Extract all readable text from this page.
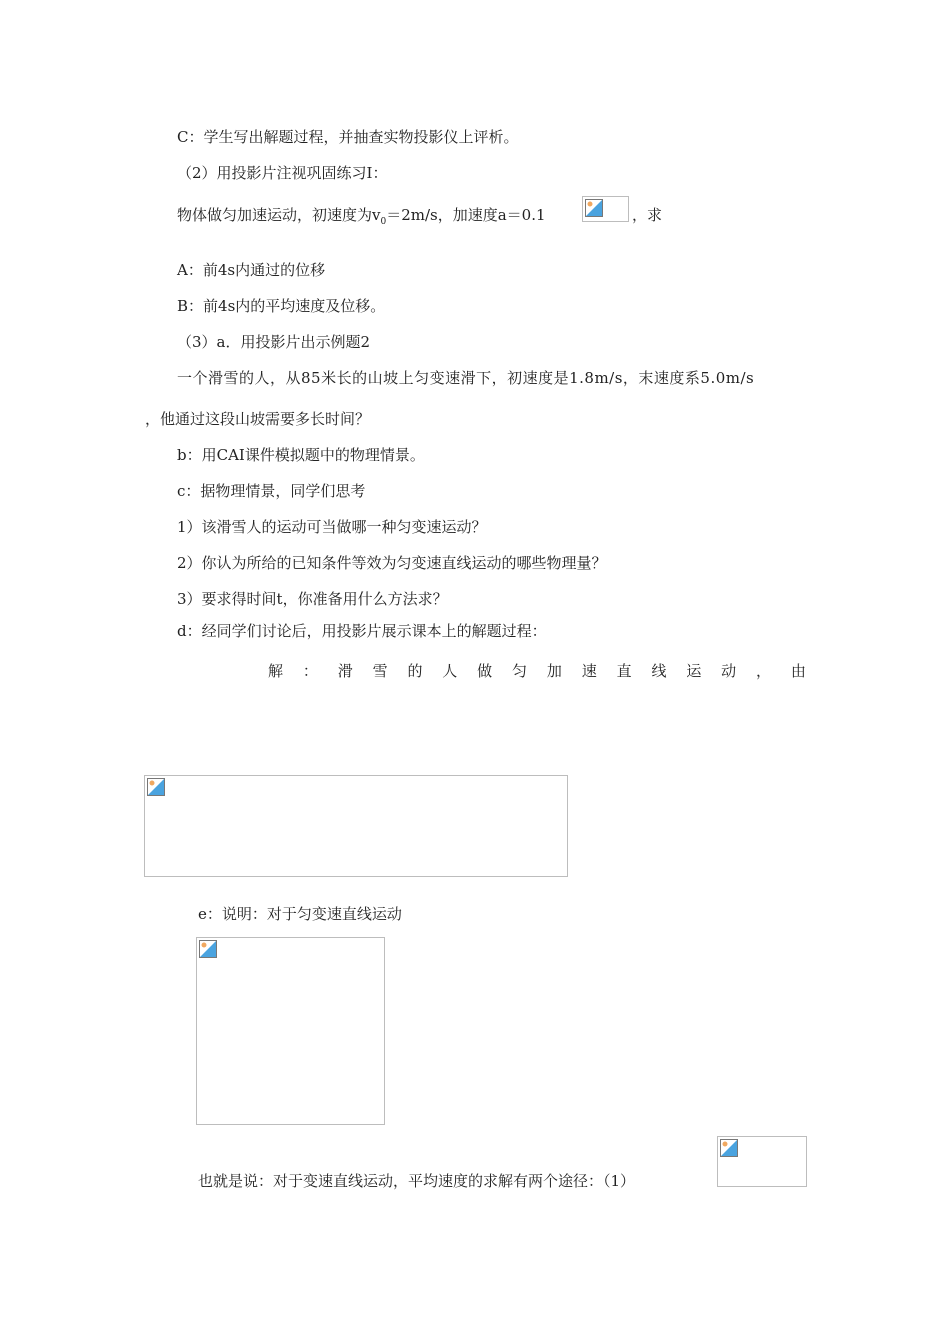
C：学生写出解题过程，并抽查实物投影仪上评析。
（2）用投影片注视巩固练习Ⅰ：
物体做匀加速运动，初速度为$v_0=2m/s$，加速度a＝0.1	，求
A：前4s内通过的位移
B：前4s内的平均速度及位移。
（3）a．用投影片出示例题2
一个滑雪的人，从85米长的山坡上匀变速滑下，初速度是1.8m/s，末速度系5.0m/s
，他通过这段山坡需要多长时间？
b：用CAI课件模拟题中的物理情景。
c：据物理情景，同学们思考
1）该滑雪人的运动可当做哪一种匀变速运动？
2）你认为所给的已知条件等效为匀变速直线运动的哪些物理量？
3）要求得时间t，你准备用什么方法求？
d：经同学们讨论后，用投影片展示课本上的解题过程：
解 ： 滑 雪 的 人 做 匀 加 速 直 线 运 动 ， 由
e：说明：对于匀变速直线运动
也就是说：对于变速直线运动，平均速度的求解有两个途径：（1）
